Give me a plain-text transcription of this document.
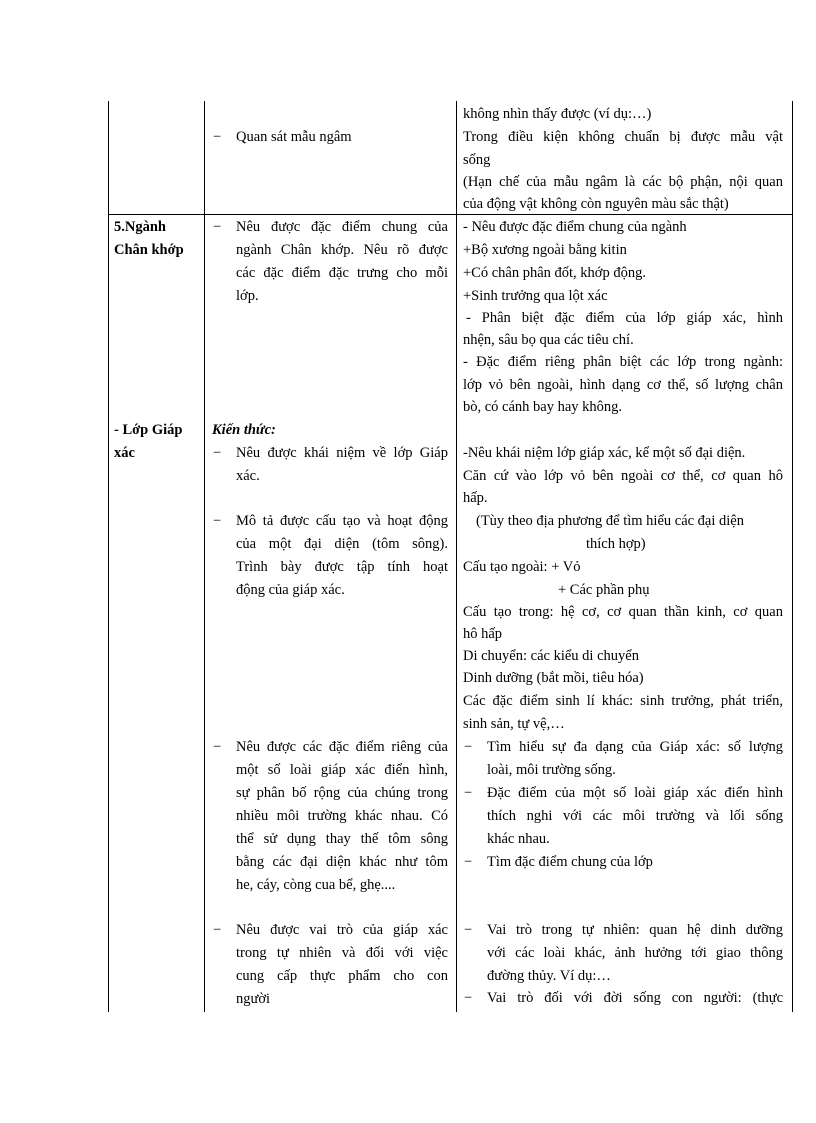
− Quan sát mẫu ngâm
không nhìn thấy được (ví dụ:…)
Trong điều kiện không chuẩn bị được mẫu vật
sống
(Hạn chế của mẫu ngâm là các bộ phận, nội quan
của động vật không còn nguyên màu sắc thật)
5.Ngành
Chân khớp
- Lớp Giáp
xác
− Nêu được đặc điểm chung của
ngành Chân khớp. Nêu rõ được
các đặc điểm đặc trưng cho mỗi
lớp.
Kiến thức:
− Nêu được khái niệm về lớp Giáp
xác.
− Mô tả được cấu tạo và hoạt động
của một đại diện (tôm sông).
Trình bày được tập tính hoạt
động của giáp xác.
− Nêu được các đặc điểm riêng của
một số loài giáp xác điển hình,
sự phân bố rộng của chúng trong
nhiều môi trường khác nhau. Có
thể sử dụng thay thế tôm sông
bằng các đại diện khác như tôm
he, cáy, còng cua bể, ghẹ....
− Nêu được vai trò của giáp xác
trong tự nhiên và đối với việc
cung cấp thực phẩm cho con
người
- Nêu được đặc điểm chung của ngành
+Bộ xương ngoài bằng kitin
+Có chân phân đốt, khớp động.
+Sinh trưởng qua lột xác
- Phân biệt đặc điểm của lớp giáp xác, hình
nhện, sâu bọ qua các tiêu chí.
- Đặc điểm riêng phân biệt các lớp trong ngành:
lớp vỏ bên ngoài, hình dạng cơ thể, số lượng chân
bò, có cánh bay hay không.
-Nêu khái niệm lớp giáp xác, kể một số đại diện.
Căn cứ vào lớp vỏ bên ngoài cơ thể, cơ quan hô
hấp.
(Tùy theo địa phương để tìm hiểu các đại diện
thích hợp)
Cấu tạo ngoài: + Vỏ
+ Các phần phụ
Cấu tạo trong: hệ cơ, cơ quan thần kinh, cơ quan
hô hấp
Di chuyển: các kiểu di chuyển
Dinh dưỡng (bắt mồi, tiêu hóa)
Các đặc điểm sinh lí khác: sinh trưởng, phát triển,
sinh sản, tự vệ,…
− Tìm hiểu sự đa dạng của Giáp xác: số lượng
loài, môi trường sống.
− Đặc điểm của một số loài giáp xác điển hình
thích nghi với các môi trường và lối sống
khác nhau.
− Tìm đặc điểm chung của lớp
− Vai trò trong tự nhiên: quan hệ dinh dưỡng
với các loài khác, ảnh hưởng tới giao thông
đường thủy. Ví dụ:…
− Vai trò đối với đời sống con người: (thực
